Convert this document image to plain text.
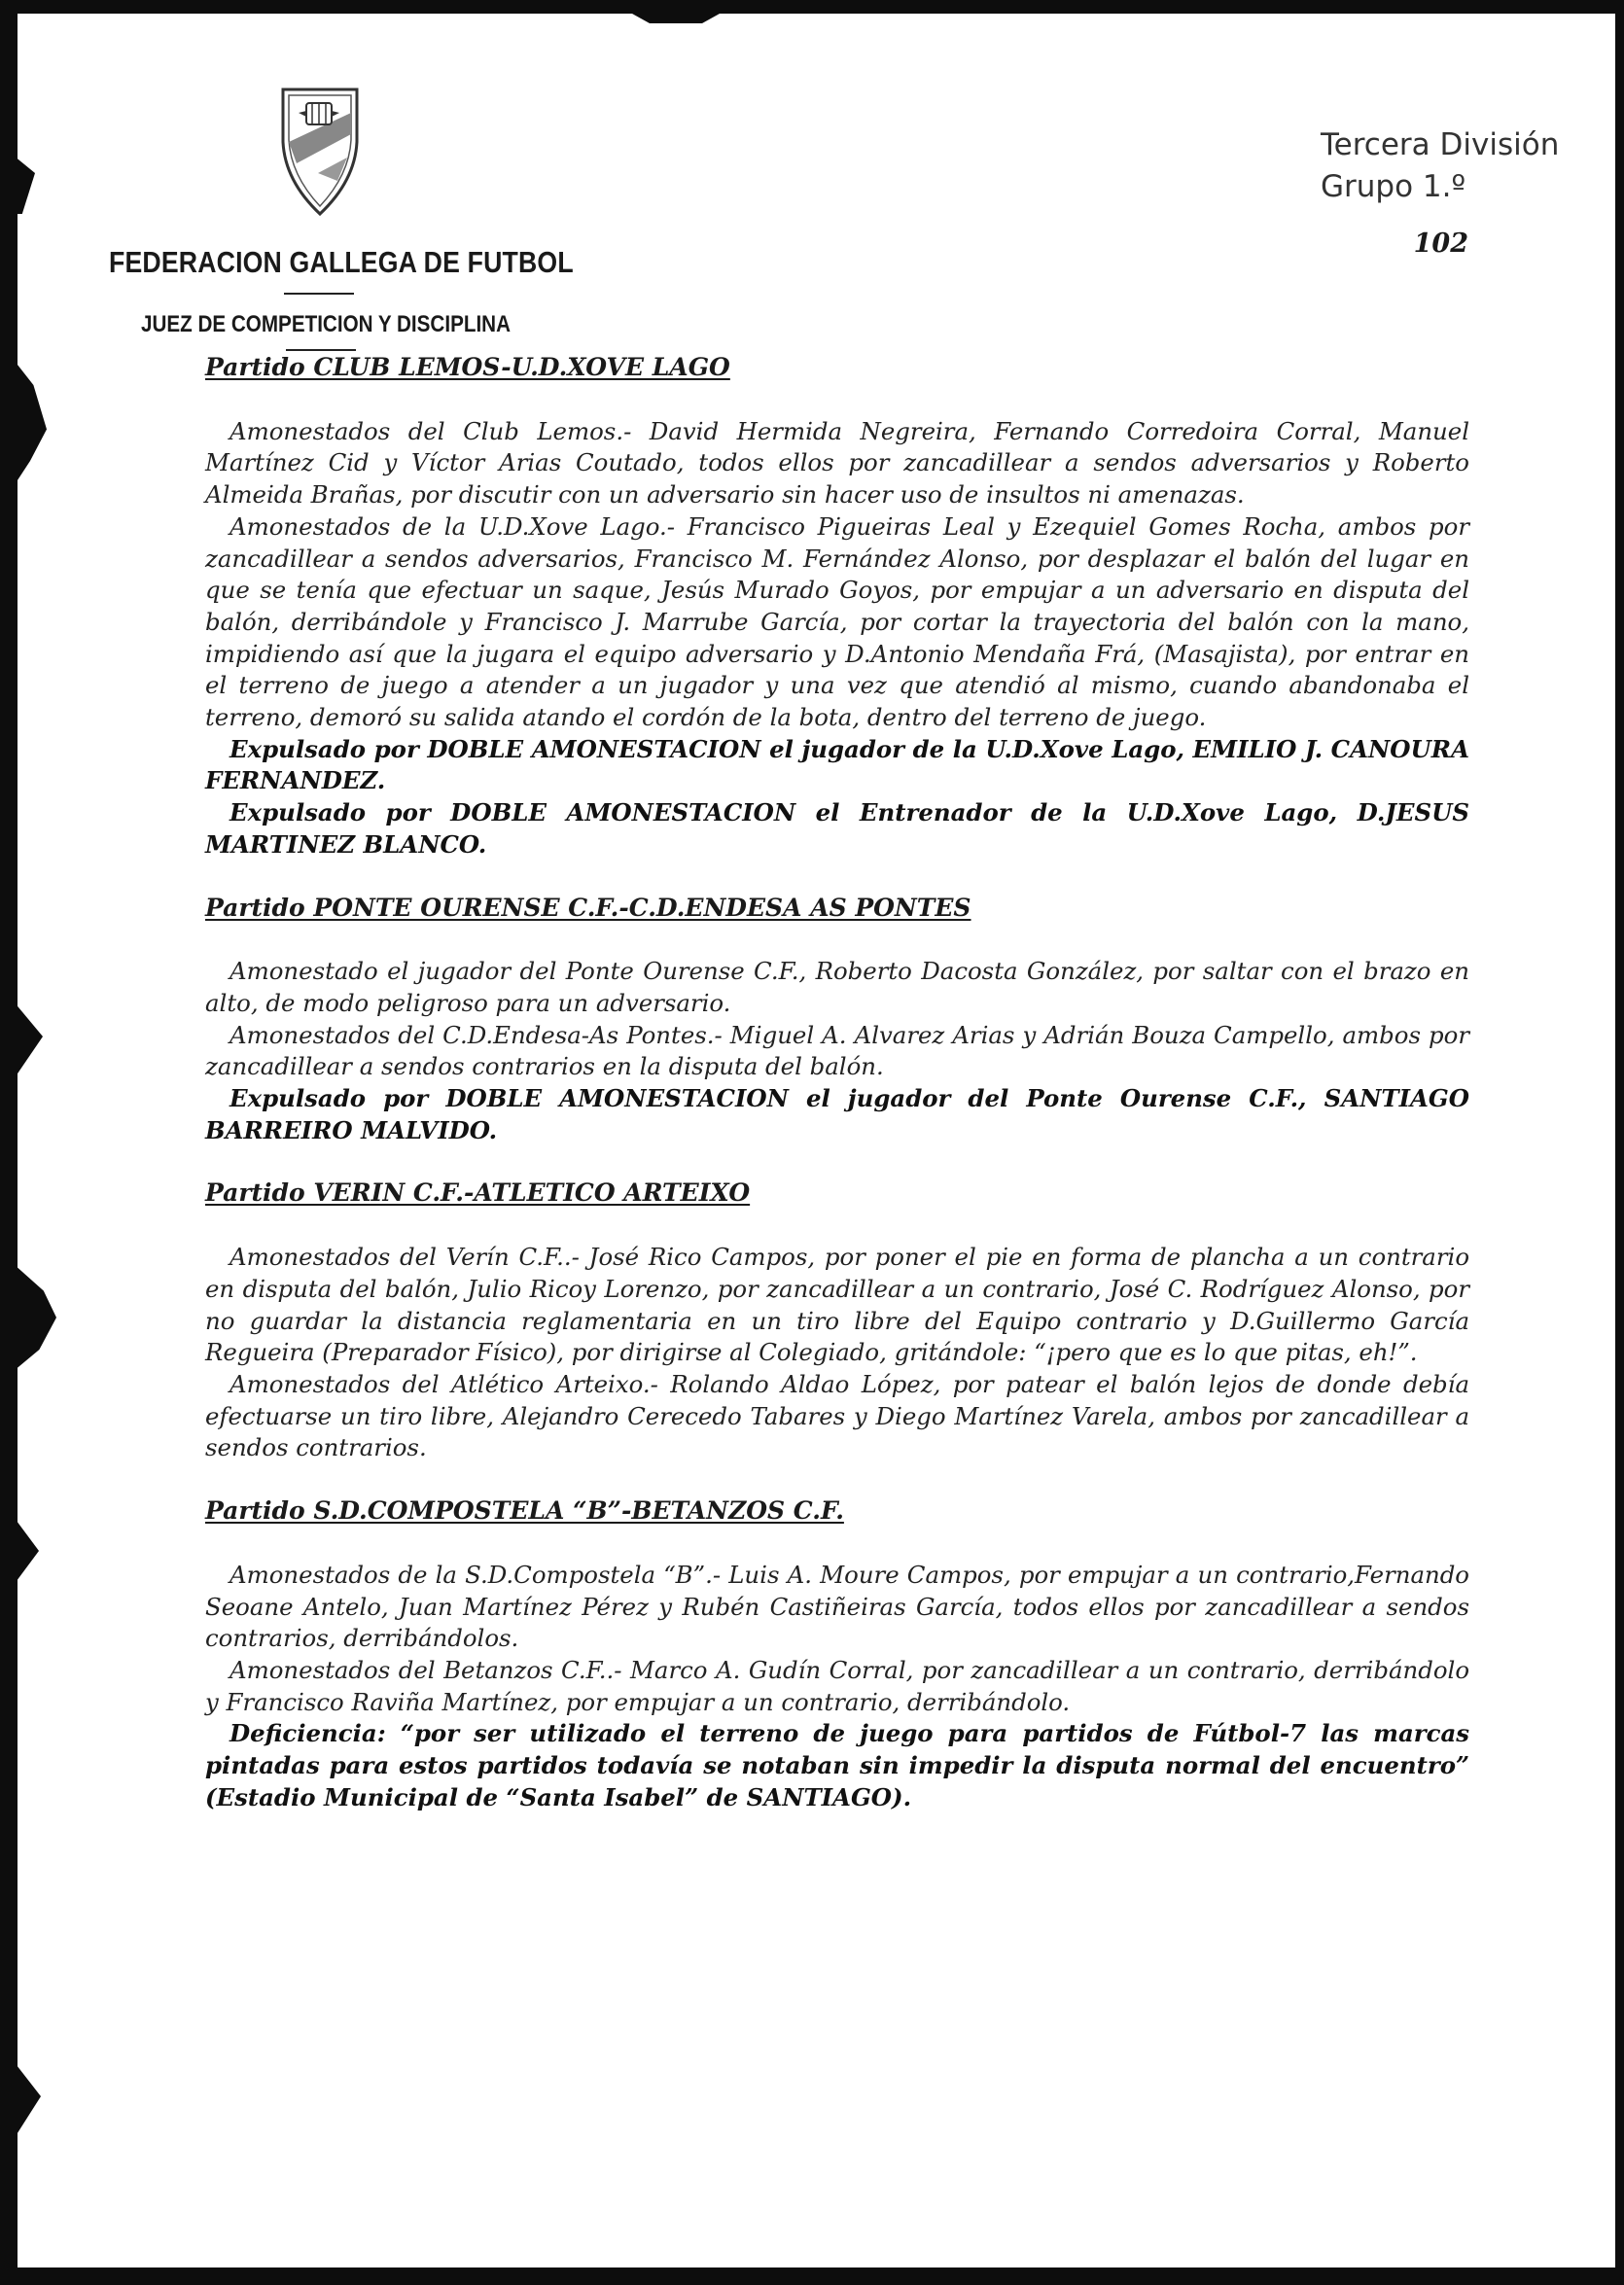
FEDERACION GALLEGA DE FUTBOL
JUEZ DE COMPETICION Y DISCIPLINA
Tercera División
Grupo 1.º
102
Partido CLUB LEMOS-U.D.XOVE LAGO

Amonestados del Club Lemos.- David Hermida Negreira, Fernando Corredoira Corral, Manuel Martínez Cid y Víctor Arias Coutado, todos ellos por zancadillear a sendos adversarios y Roberto Almeida Brañas, por discutir con un adversario sin hacer uso de insultos ni amenazas.

Amonestados de la U.D.Xove Lago.- Francisco Pigueiras Leal y Ezequiel Gomes Rocha, ambos por zancadillear a sendos adversarios, Francisco M. Fernández Alonso, por desplazar el balón del lugar en que se tenía que efectuar un saque, Jesús Murado Goyos, por empujar a un adversario en disputa del balón, derribándole y Francisco J. Marrube García, por cortar la trayectoria del balón con la mano, impidiendo así que la jugara el equipo adversario y D.Antonio Mendaña Frá, (Masajista), por entrar en el terreno de juego a atender a un jugador y una vez que atendió al mismo, cuando abandonaba el terreno, demoró su salida atando el cordón de la bota, dentro del terreno de juego.

Expulsado por DOBLE AMONESTACION el jugador de la U.D.Xove Lago, EMILIO J. CANOURA FERNANDEZ.

Expulsado por DOBLE AMONESTACION el Entrenador de la U.D.Xove Lago, D.JESUS MARTINEZ BLANCO.

Partido PONTE OURENSE C.F.-C.D.ENDESA AS PONTES

Amonestado el jugador del Ponte Ourense C.F., Roberto Dacosta González, por saltar con el brazo en alto, de modo peligroso para un adversario.

Amonestados del C.D.Endesa-As Pontes.- Miguel A. Alvarez Arias y Adrián Bouza Campello, ambos por zancadillear a sendos contrarios en la disputa del balón.

Expulsado por DOBLE AMONESTACION el jugador del Ponte Ourense C.F., SANTIAGO BARREIRO MALVIDO.

Partido VERIN C.F.-ATLETICO ARTEIXO

Amonestados del Verín C.F..- José Rico Campos, por poner el pie en forma de plancha a un contrario en disputa del balón, Julio Ricoy Lorenzo, por zancadillear a un contrario, José C. Rodríguez Alonso, por no guardar la distancia reglamentaria en un tiro libre del Equipo contrario y D.Guillermo García Regueira (Preparador Físico), por dirigirse al Colegiado, gritándole: “¡pero que es lo que pitas, eh!”.

Amonestados del Atlético Arteixo.- Rolando Aldao López, por patear el balón lejos de donde debía efectuarse un tiro libre, Alejandro Cerecedo Tabares y Diego Martínez Varela, ambos por zancadillear a sendos contrarios.

Partido S.D.COMPOSTELA “B”-BETANZOS C.F.

Amonestados de la S.D.Compostela “B”.- Luis A. Moure Campos, por empujar a un contrario,Fernando Seoane Antelo, Juan Martínez Pérez y Rubén Castiñeiras García, todos ellos por zancadillear a sendos contrarios, derribándolos.

Amonestados del Betanzos C.F..- Marco A. Gudín Corral, por zancadillear a un contrario, derribándolo y Francisco Raviña Martínez, por empujar a un contrario, derribándolo.

Deficiencia: “por ser utilizado el terreno de juego para partidos de Fútbol-7 las marcas pintadas para estos partidos todavía se notaban sin impedir la disputa normal del encuentro” (Estadio Municipal de “Santa Isabel” de SANTIAGO).
